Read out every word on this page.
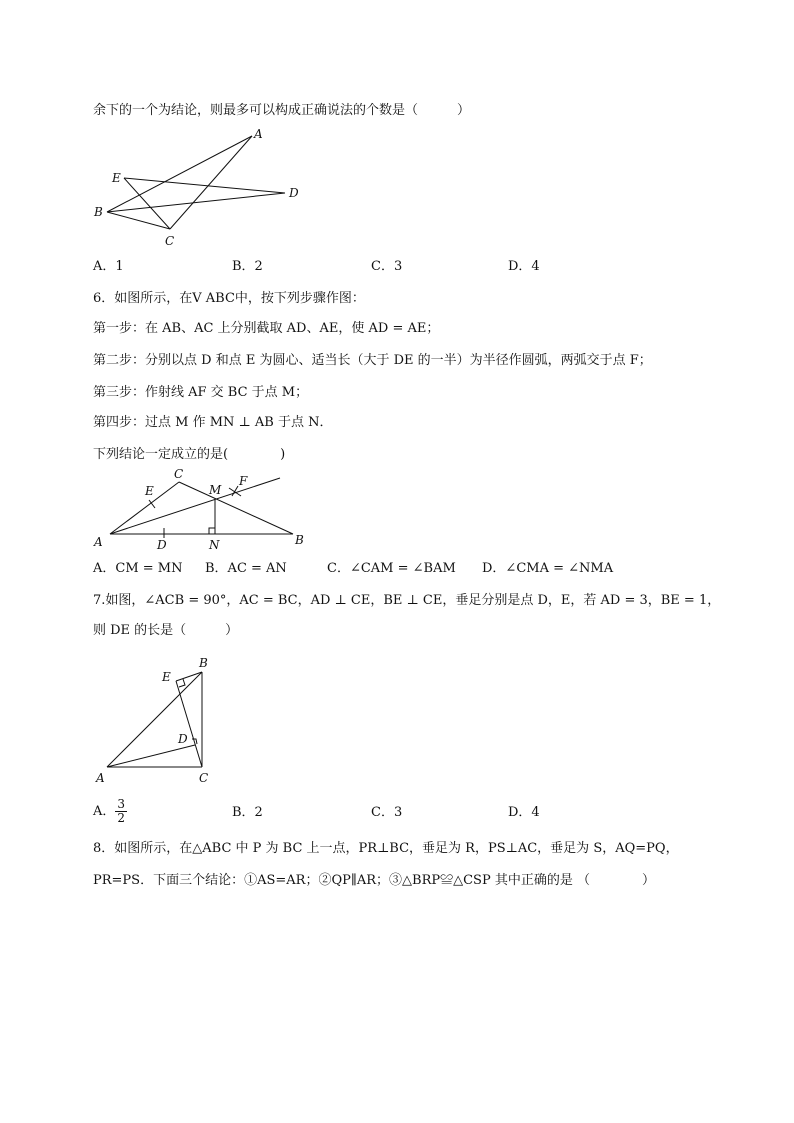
余下的一个为结论，则最多可以构成正确说法的个数是（　　　）
A
E
D
B
C
A．1	B．2	C．3	D．4
6．如图所示，在V ABC中，按下列步骤作图：
第一步：在 AB、AC 上分别截取 AD、AE，使 AD = AE；
第二步：分别以点 D 和点 E 为圆心、适当长（大于 DE 的一半）为半径作圆弧，两弧交于点 F；
第三步：作射线 AF 交 BC 于点 M；
第四步：过点 M 作 MN ⊥ AB 于点 N．
下列结论一定成立的是(　　　　)
C
E	M
F
A	D	N	B
A．CM = MN B．AC = AN	C．∠CAM = ∠BAM D．∠CMA = ∠NMA
7.如图，∠ACB = 90°，AC = BC，AD ⊥ CE，BE ⊥ CE，垂足分别是点 D，E，若 AD = 3，BE = 1，
则 DE 的长是（　　　）
E
B
D
A	C
A． $\frac{3}{2}$	B．2	C．3	D．4
8．如图所示，在△ABC 中 P 为 BC 上一点，PR⊥BC，垂足为 R，PS⊥AC，垂足为 S，AQ=PQ，
PR=PS．下面三个结论：①AS=AR；②QP∥AR；③△BRP≌△CSP 其中正确的是 （　　　　）
